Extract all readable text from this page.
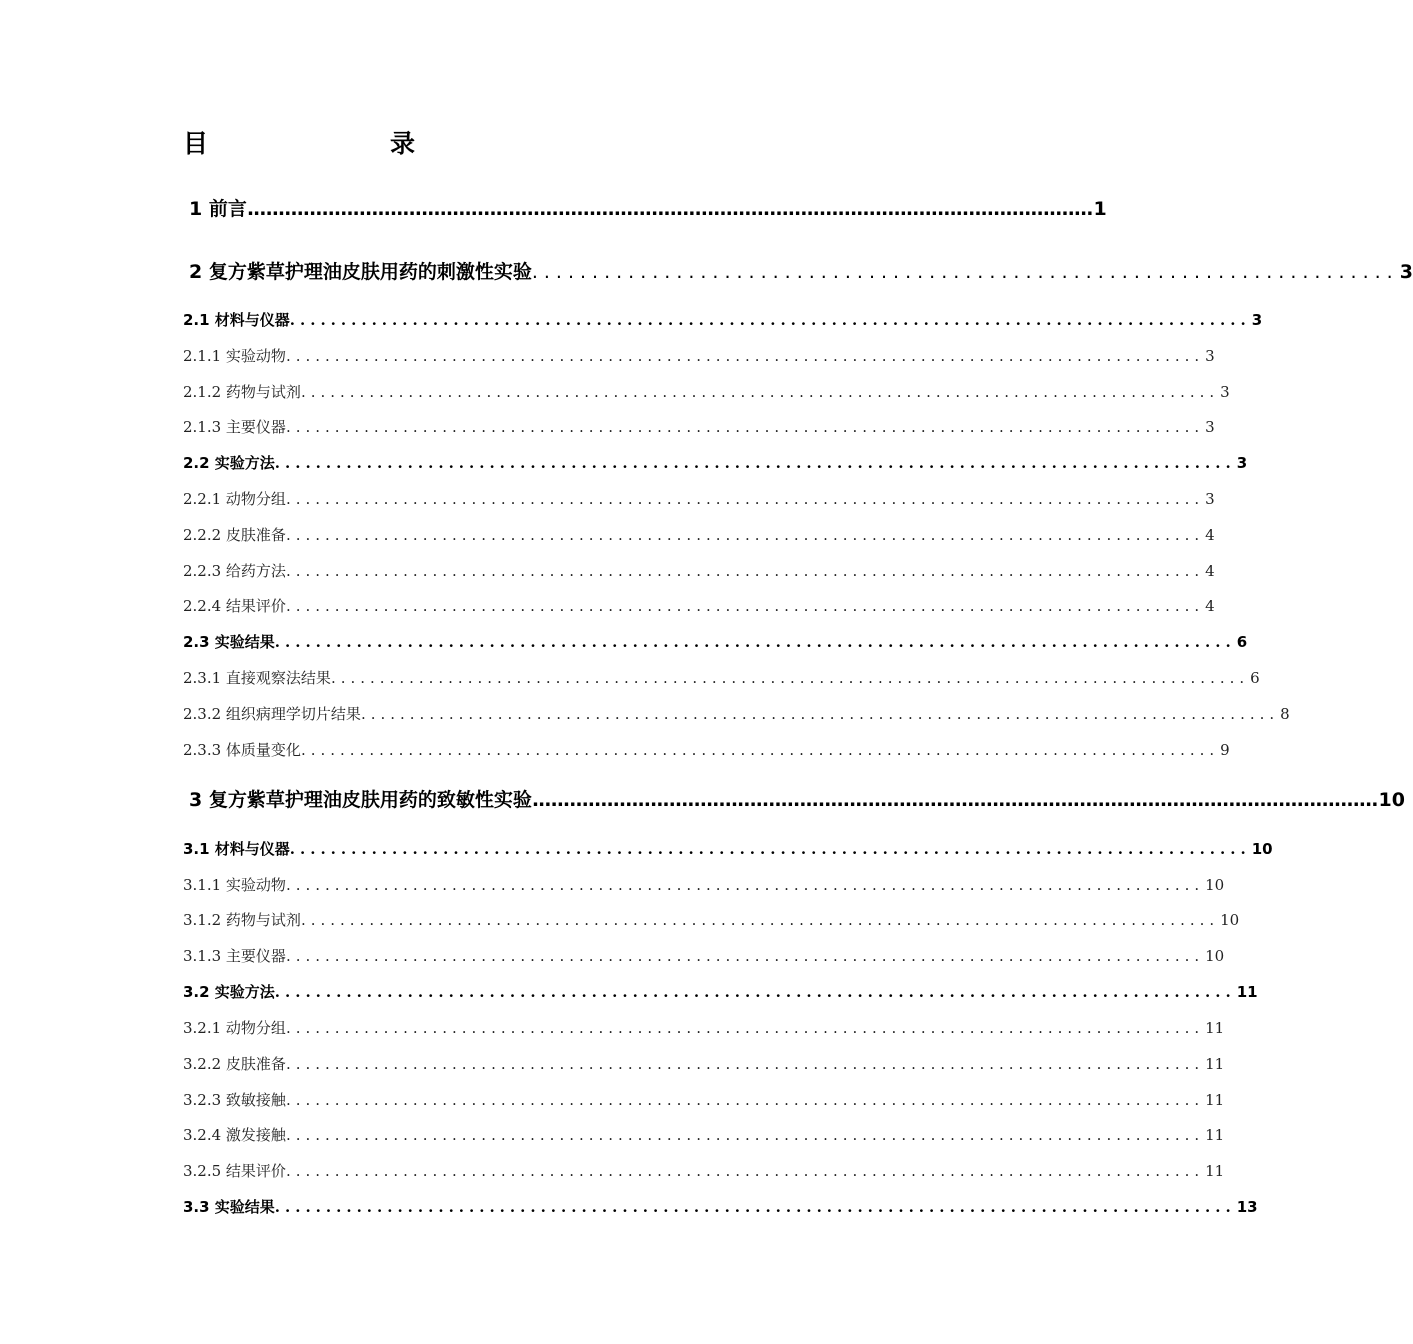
目　　录
1 前言 ........................................................................................................................................ 1
2 复方紫草护理油皮肤用药的刺激性实验 ........................................................................ 3
2.1 材料与仪器 .............................................................................................. 3
2.1.1 实验动物 .............................................................................................. 3
2.1.2 药物与试剂 .............................................................................................. 3
2.1.3 主要仪器 .............................................................................................. 3
2.2 实验方法 .............................................................................................. 3
2.2.1 动物分组 .............................................................................................. 3
2.2.2 皮肤准备 .............................................................................................. 4
2.2.3 给药方法 .............................................................................................. 4
2.2.4 结果评价 .............................................................................................. 4
2.3 实验结果 .............................................................................................. 6
2.3.1 直接观察法结果 .............................................................................................. 6
2.3.2 组织病理学切片结果 .............................................................................................. 8
2.3.3 体质量变化 .............................................................................................. 9
3 复方紫草护理油皮肤用药的致敏性实验 ........................................................................................................................................ 10
3.1 材料与仪器 .............................................................................................. 10
3.1.1 实验动物 .............................................................................................. 10
3.1.2 药物与试剂 .............................................................................................. 10
3.1.3 主要仪器 .............................................................................................. 10
3.2 实验方法 .............................................................................................. 11
3.2.1 动物分组 .............................................................................................. 11
3.2.2 皮肤准备 .............................................................................................. 11
3.2.3 致敏接触 .............................................................................................. 11
3.2.4 激发接触 .............................................................................................. 11
3.2.5 结果评价 .............................................................................................. 11
3.3 实验结果 .............................................................................................. 13
